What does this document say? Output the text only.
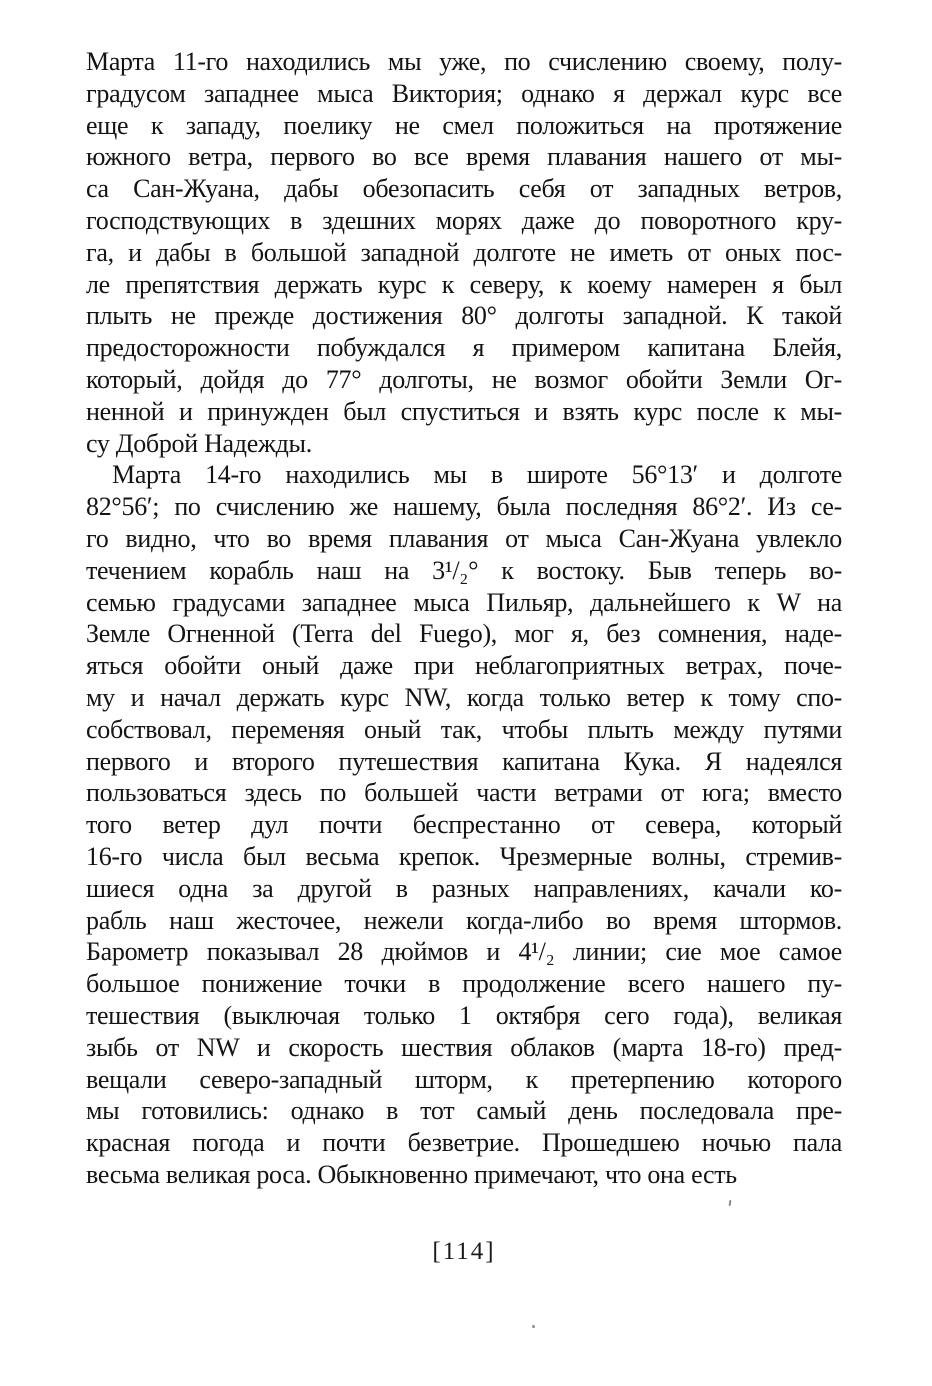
Марта 11-го находились мы уже, по счислению своему, полу-
градусом западнее мыса Виктория; однако я держал курс все
еще к западу, поелику не смел положиться на протяжение
южного ветра, первого во все время плавания нашего от мы-
са Сан-Жуана, дабы обезопасить себя от западных ветров,
господствующих в здешних морях даже до поворотного кру-
га, и дабы в большой западной долготе не иметь от оных пос-
ле препятствия держать курс к северу, к коему намерен я был
плыть не прежде достижения 80° долготы западной. К такой
предосторожности побуждался я примером капитана Блейя,
который, дойдя до 77° долготы, не возмог обойти Земли Ог-
ненной и принужден был спуститься и взять курс после к мы-
су Доброй Надежды.
Марта 14-го находились мы в широте 56°13′ и долготе
82°56′; по счислению же нашему, была последняя 86°2′. Из се-
го видно, что во время плавания от мыса Сан-Жуана увлекло
течением корабль наш на 3¹/₂° к востоку. Быв теперь во-
семью градусами западнее мыса Пильяр, дальнейшего к W на
Земле Огненной (Terra del Fuego), мог я, без сомнения, наде-
яться обойти оный даже при неблагоприятных ветрах, поче-
му и начал держать курс NW, когда только ветер к тому спо-
собствовал, переменяя оный так, чтобы плыть между путями
первого и второго путешествия капитана Кука. Я надеялся
пользоваться здесь по большей части ветрами от юга; вместо
того ветер дул почти беспрестанно от севера, который
16-го числа был весьма крепок. Чрезмерные волны, стремив-
шиеся одна за другой в разных направлениях, качали ко-
рабль наш жесточее, нежели когда-либо во время штормов.
Барометр показывал 28 дюймов и 4¹/₂ линии; сие мое самое
большое понижение точки в продолжение всего нашего пу-
тешествия (выключая только 1 октября сего года), великая
зыбь от NW и скорость шествия облаков (марта 18-го) пред-
вещали северо-западный шторм, к претерпению которого
мы готовились: однако в тот самый день последовала пре-
красная погода и почти безветрие. Прошедшею ночью пала
весьма великая роса. Обыкновенно примечают, что она есть
[114]
